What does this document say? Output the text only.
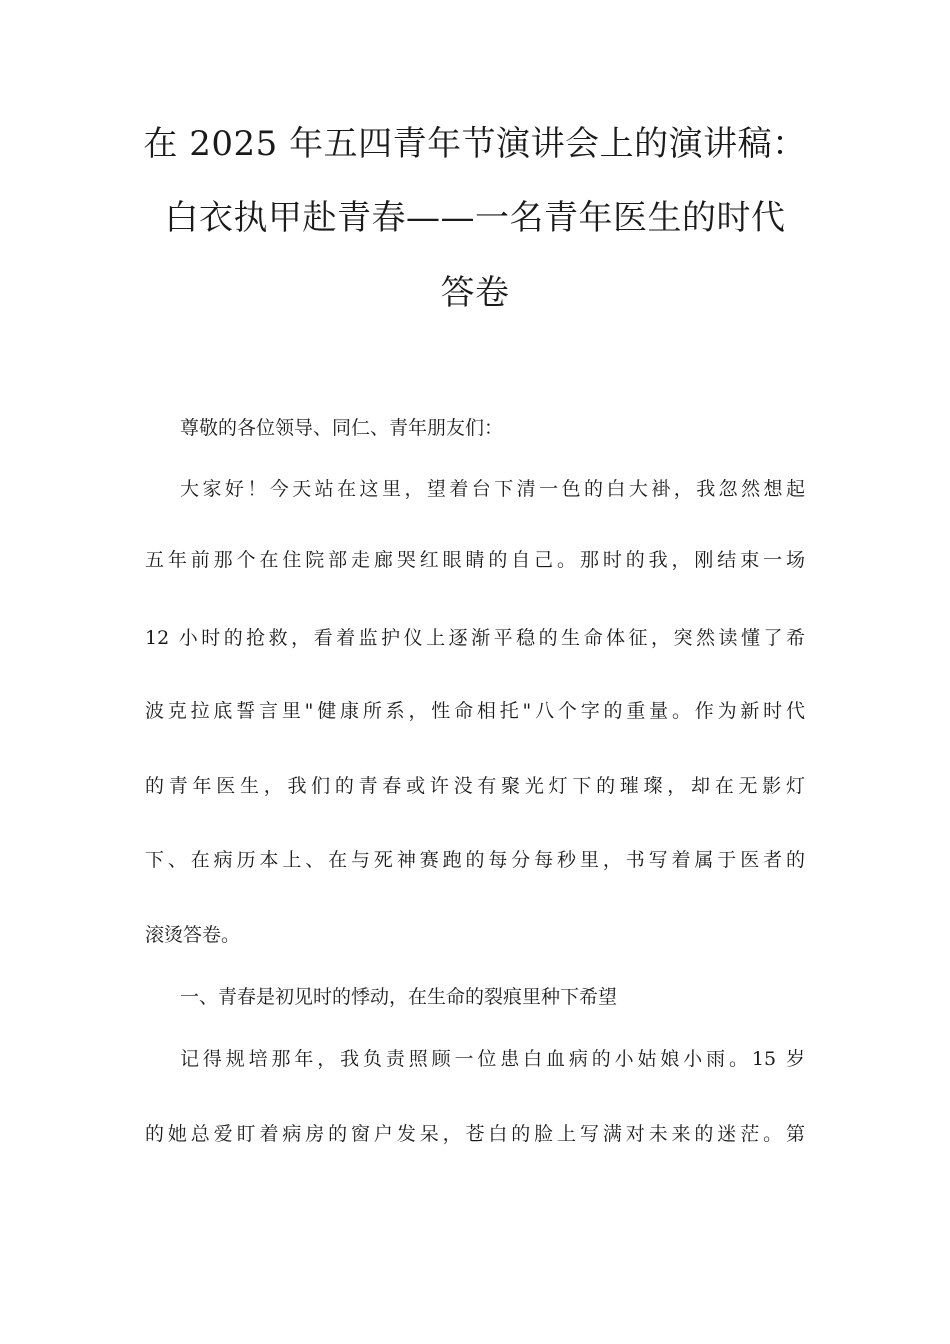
在 2025 年五四青年节演讲会上的演讲稿：
白衣执甲赴青春——一名青年医生的时代
答卷
尊敬的各位领导、同仁、青年朋友们：
大家好！今天站在这里，望着台下清一色的白大褂，我忽然想起
五年前那个在住院部走廊哭红眼睛的自己。那时的我，刚结束一场
12 小时的抢救，看着监护仪上逐渐平稳的生命体征，突然读懂了希
波克拉底誓言里"健康所系，性命相托"八个字的重量。作为新时代
的青年医生，我们的青春或许没有聚光灯下的璀璨，却在无影灯
下、在病历本上、在与死神赛跑的每分每秒里，书写着属于医者的
滚烫答卷。
一、青春是初见时的悸动，在生命的裂痕里种下希望
记得规培那年，我负责照顾一位患白血病的小姑娘小雨。15 岁
的她总爱盯着病房的窗户发呆，苍白的脸上写满对未来的迷茫。第
